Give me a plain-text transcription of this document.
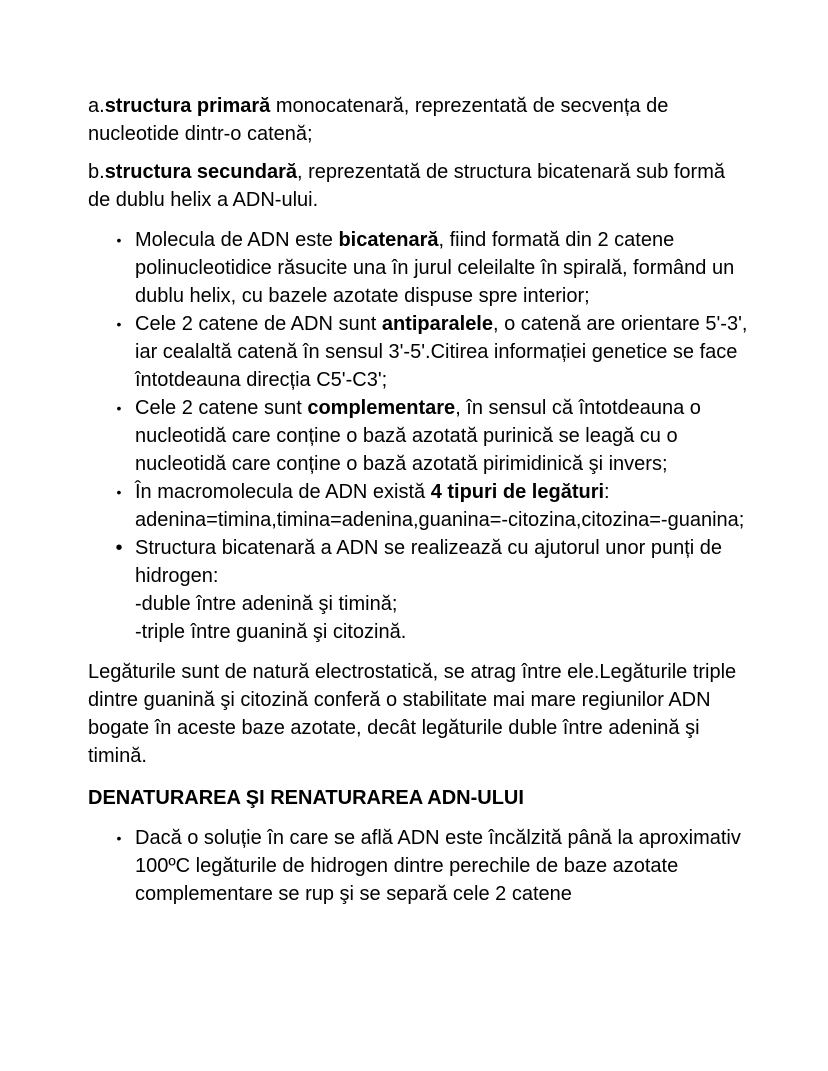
a.structura primară monocatenară, reprezentată de secvența de nucleotide dintr-o catenă;

b.structura secundară, reprezentată de structura bicatenară sub formă de dublu helix a ADN-ului.

• Molecula de ADN este bicatenară, fiind formată din 2 catene polinucleotidice răsucite una în jurul celeilalte în spirală, formând un dublu helix, cu bazele azotate dispuse spre interior;
• Cele 2 catene de ADN sunt antiparalele, o catenă are orientare 5'-3', iar cealaltă catenă în sensul 3'-5'.Citirea informației genetice se face întotdeauna direcția C5'-C3';
• Cele 2 catene sunt complementare, în sensul că întotdeauna o nucleotidă care conține o bază azotată purinică se leagă cu o nucleotidă care conține o bază azotată pirimidinică şi invers;
• În macromolecula de ADN există 4 tipuri de legături: adenina=timina,timina=adenina,guanina=-citozina,citozina=-guanina;
• Structura bicatenară a ADN se realizează cu ajutorul unor punți de hidrogen:
-duble între adenină şi timină;
-triple între guanină şi citozină.

Legăturile sunt de natură electrostatică, se atrag între ele.Legăturile triple dintre guanină şi citozină conferă o stabilitate mai mare regiunilor ADN bogate în aceste baze azotate, decât legăturile duble între adenină şi timină.

DENATURAREA ŞI RENATURAREA ADN-ULUI

• Dacă o soluție în care se află ADN este încălzită până la aproximativ 100ºC legăturile de hidrogen dintre perechile de baze azotate complementare se rup şi se separă cele 2 catene
